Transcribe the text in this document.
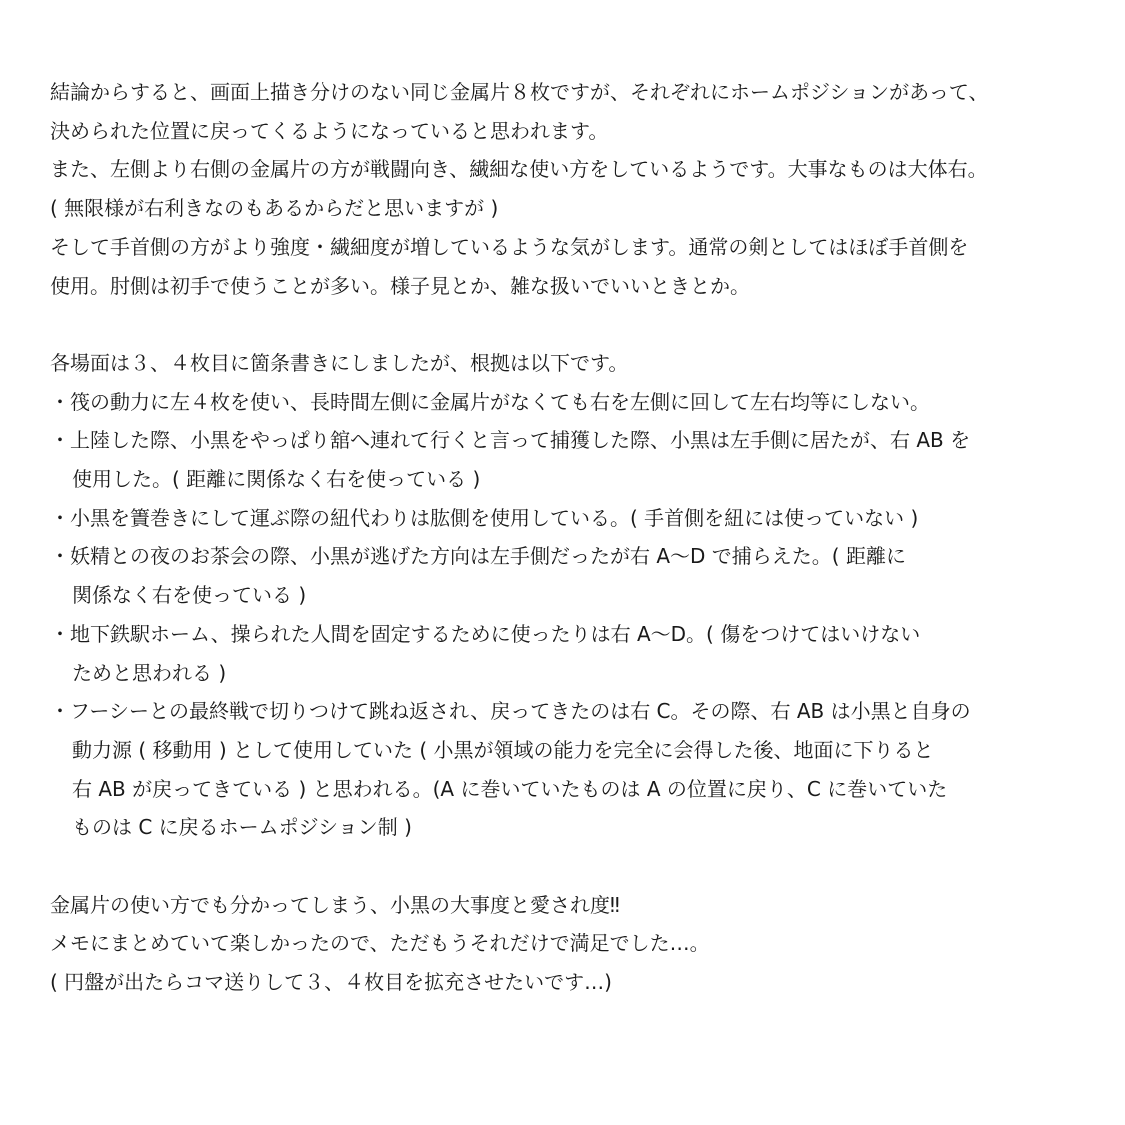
結論からすると、画面上描き分けのない同じ金属片８枚ですが、それぞれにホームポジションがあって、
決められた位置に戻ってくるようになっていると思われます。
また、左側より右側の金属片の方が戦闘向き、繊細な使い方をしているようです。大事なものは大体右。
( 無限様が右利きなのもあるからだと思いますが )
そして手首側の方がより強度・繊細度が増しているような気がします。通常の剣としてはほぼ手首側を
使用。肘側は初手で使うことが多い。様子見とか、雑な扱いでいいときとか。
各場面は３、４枚目に箇条書きにしましたが、根拠は以下です。
・筏の動力に左４枚を使い、長時間左側に金属片がなくても右を左側に回して左右均等にしない。
・上陸した際、小黒をやっぱり舘へ連れて行くと言って捕獲した際、小黒は左手側に居たが、右 AB を
使用した。( 距離に関係なく右を使っている )
・小黒を簀巻きにして運ぶ際の紐代わりは肱側を使用している。( 手首側を紐には使っていない )
・妖精との夜のお茶会の際、小黒が逃げた方向は左手側だったが右 A〜D で捕らえた。( 距離に
関係なく右を使っている )
・地下鉄駅ホーム、操られた人間を固定するために使ったりは右 A〜D。( 傷をつけてはいけない
ためと思われる )
・フーシーとの最終戦で切りつけて跳ね返され、戻ってきたのは右 C。その際、右 AB は小黒と自身の
動力源 ( 移動用 ) として使用していた ( 小黒が領域の能力を完全に会得した後、地面に下りると
右 AB が戻ってきている ) と思われる。(A に巻いていたものは A の位置に戻り、C に巻いていた
ものは C に戻るホームポジション制 )
金属片の使い方でも分かってしまう、小黒の大事度と愛され度‼
メモにまとめていて楽しかったので、ただもうそれだけで満足でした…。
( 円盤が出たらコマ送りして３、４枚目を拡充させたいです…)
